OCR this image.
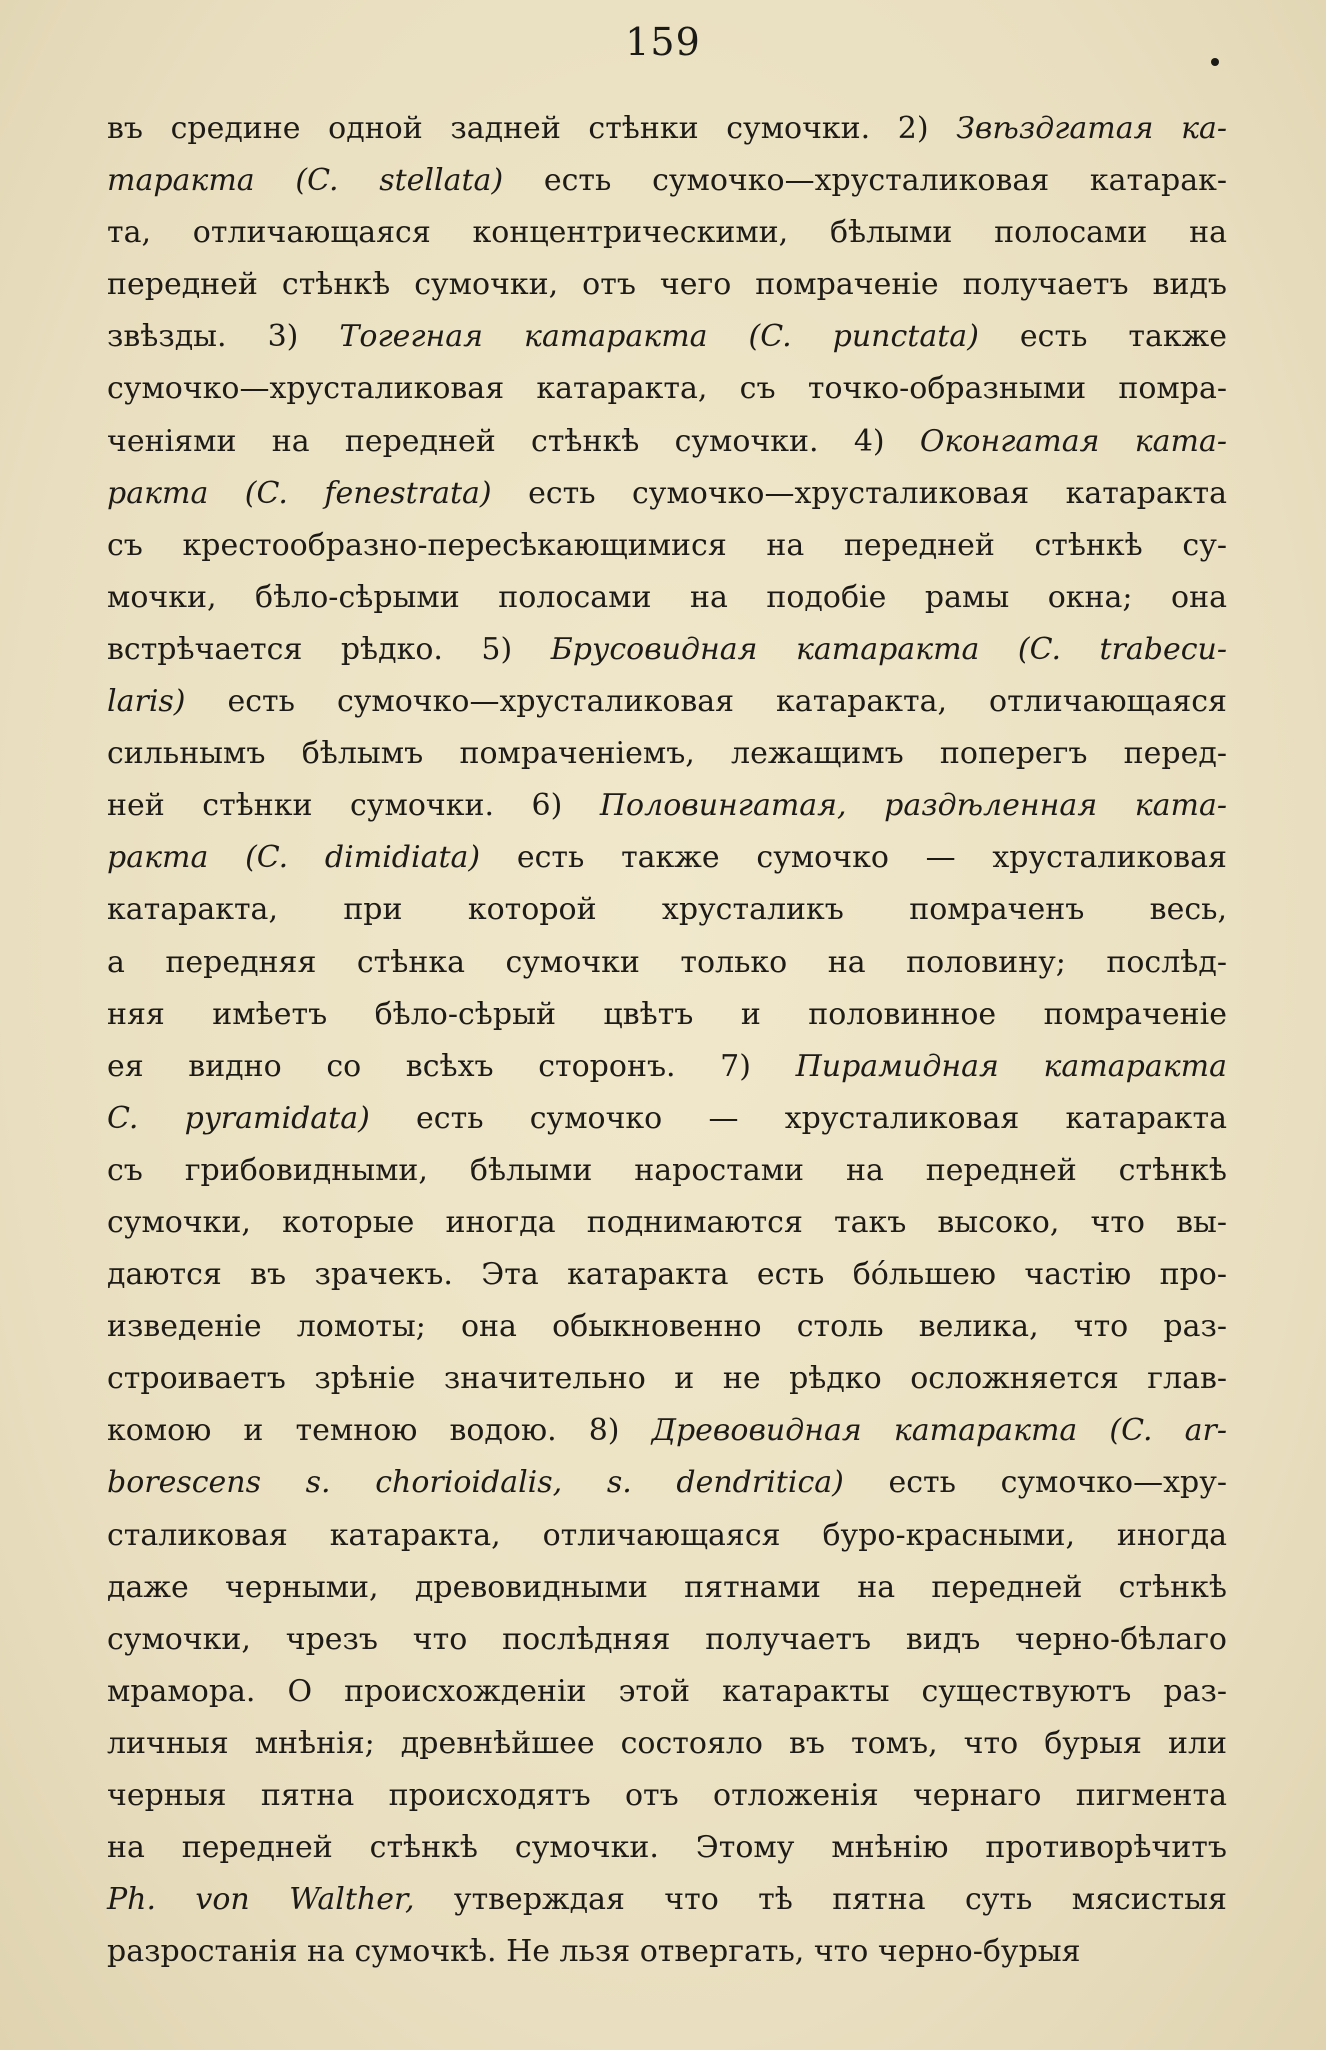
159
въ средине одной задней стѣнки сумочки. 2) Звѣздгатая ка-
таракта (C. stellata) есть сумочко—хрусталиковая катарак-
та, отличающаяся концентрическими, бѣлыми полосами на
передней стѣнкѣ сумочки, отъ чего помраченіе получаетъ видъ
звѣзды. 3) Тогегная катаракта (C. punctata) есть также
сумочко—хрусталиковая катаракта, съ точко-образными помра-
ченіями на передней стѣнкѣ сумочки. 4) Оконгатая ката-
ракта (C. fenestrata) есть сумочко—хрусталиковая катаракта
съ крестообразно-пересѣкающимися на передней стѣнкѣ су-
мочки, бѣло-сѣрыми полосами на подобіе рамы окна; она
встрѣчается рѣдко. 5) Брусовидная катаракта (C. trabecu-
laris) есть сумочко—хрусталиковая катаракта, отличающаяся
сильнымъ бѣлымъ помраченіемъ, лежащимъ поперегъ перед-
ней стѣнки сумочки. 6) Половингатая, раздѣленная ката-
ракта (C. dimidiata) есть также сумочко — хрусталиковая
катаракта, при которой хрусталикъ помраченъ весь,
а передняя стѣнка сумочки только на половину; послѣд-
няя имѣетъ бѣло-сѣрый цвѣтъ и половинное помраченіе
ея видно со всѣхъ сторонъ. 7) Пирамидная катаракта
C. pyramidata) есть сумочко — хрусталиковая катаракта
съ грибовидными, бѣлыми наростами на передней стѣнкѣ
сумочки, которые иногда поднимаются такъ высоко, что вы-
даются въ зрачекъ. Эта катаракта есть бо́льшею частію про-
изведеніе ломоты; она обыкновенно столь велика, что раз-
строиваетъ зрѣніе значительно и не рѣдко осложняется глав-
комою и темною водою. 8) Древовидная катаракта (C. ar-
borescens s. chorioidalis, s. dendritica) есть сумочко—хру-
сталиковая катаракта, отличающаяся буро-красными, иногда
даже черными, древовидными пятнами на передней стѣнкѣ
сумочки, чрезъ что послѣдняя получаетъ видъ черно-бѣлаго
мрамора. О происхожденіи этой катаракты существуютъ раз-
личныя мнѣнія; древнѣйшее состояло въ томъ, что бурыя или
черныя пятна происходятъ отъ отложенія чернаго пигмента
на передней стѣнкѣ сумочки. Этому мнѣнію противорѣчитъ
Ph. von Walther, утверждая что тѣ пятна суть мясистыя
разростанія на сумочкѣ. Не льзя отвергать, что черно-бурыя
